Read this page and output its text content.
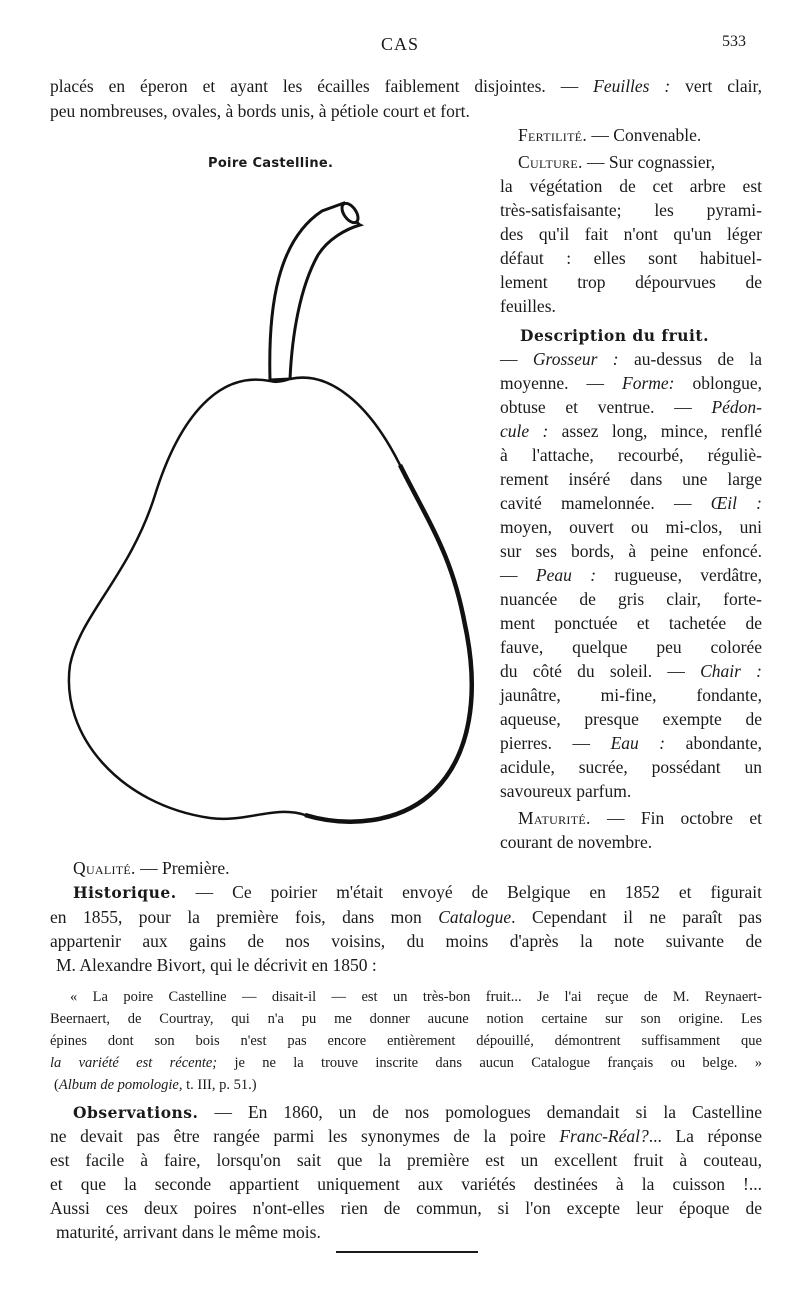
CAS	533
placés en éperon et ayant les écailles faiblement disjointes. — Feuilles : vert clair,
peu nombreuses, ovales, à bords unis, à pétiole court et fort.
Poire Castelline.
Fertilité. — Convenable.
Culture. — Sur cognassier,
la végétation de cet arbre est
très-satisfaisante; les pyrami-
des qu'il fait n'ont qu'un léger
défaut : elles sont habituel-
lement trop dépourvues de
feuilles.
Description du fruit.
— Grosseur : au-dessus de la
moyenne. — Forme: oblongue,
obtuse et ventrue. — Pédon-
cule : assez long, mince, renflé
à l'attache, recourbé, réguliè-
rement inséré dans une large
cavité mamelonnée. — Œil :
moyen, ouvert ou mi-clos, uni
sur ses bords, à peine enfoncé.
— Peau : rugueuse, verdâtre,
nuancée de gris clair, forte-
ment ponctuée et tachetée de
fauve, quelque peu colorée
du côté du soleil. — Chair :
jaunâtre, mi-fine, fondante,
aqueuse, presque exempte de
pierres. — Eau : abondante,
acidule, sucrée, possédant un
savoureux parfum.
Maturité. — Fin octobre et
courant de novembre.
Qualité. — Première.
Historique. — Ce poirier m'était envoyé de Belgique en 1852 et figurait
en 1855, pour la première fois, dans mon Catalogue. Cependant il ne paraît pas
appartenir aux gains de nos voisins, du moins d'après la note suivante de
M. Alexandre Bivort, qui le décrivit en 1850 :
« La poire Castelline — disait-il — est un très-bon fruit... Je l'ai reçue de M. Reynaert-
Beernaert, de Courtray, qui n'a pu me donner aucune notion certaine sur son origine. Les
épines dont son bois n'est pas encore entièrement dépouillé, démontrent suffisamment que
la variété est récente; je ne la trouve inscrite dans aucun Catalogue français ou belge. »
(Album de pomologie, t. III, p. 51.)
Observations. — En 1860, un de nos pomologues demandait si la Castelline
ne devait pas être rangée parmi les synonymes de la poire Franc-Réal?... La réponse
est facile à faire, lorsqu'on sait que la première est un excellent fruit à couteau,
et que la seconde appartient uniquement aux variétés destinées à la cuisson !...
Aussi ces deux poires n'ont-elles rien de commun, si l'on excepte leur époque de
maturité, arrivant dans le même mois.
